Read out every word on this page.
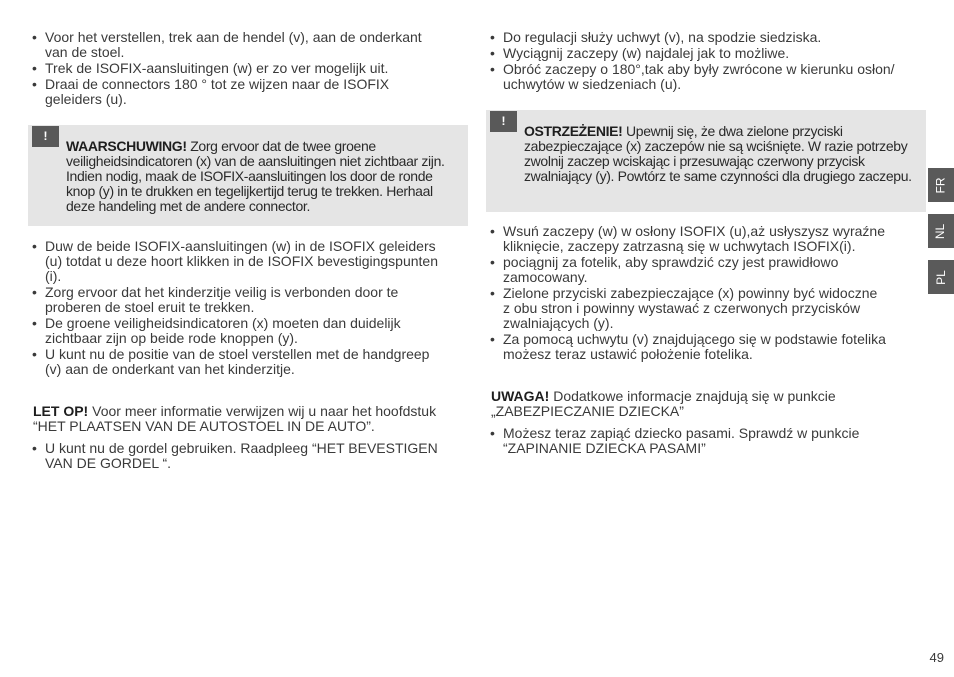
• Voor het verstellen, trek aan de hendel (v), aan de onderkant
van de stoel.
• Trek de ISOFIX-aansluitingen (w) er zo ver mogelijk uit.
• Draai de connectors 180 ° tot ze wijzen naar de ISOFIX
geleiders (u).
!
WAARSCHUWING! Zorg ervoor dat de twee groene veiligheidsindicatoren (x) van de aansluitingen niet zichtbaar zijn. Indien nodig, maak de ISOFIX-aansluitingen los door de ronde knop (y) in te drukken en tegelijkertijd terug te trekken. Herhaal deze handeling met de andere connector.
• Duw de beide ISOFIX-aansluitingen (w) in de ISOFIX geleiders
(u) totdat u deze hoort klikken in de ISOFIX bevestigingspunten
(i).
• Zorg ervoor dat het kinderzitje veilig is verbonden door te
proberen de stoel eruit te trekken.
• De groene veiligheidsindicatoren (x) moeten dan duidelijk
zichtbaar zijn op beide rode knoppen (y).
• U kunt nu de positie van de stoel verstellen met de handgreep
(v) aan de onderkant van het kinderzitje.
LET OP! Voor meer informatie verwijzen wij u naar het hoofdstuk
“HET PLAATSEN VAN DE AUTOSTOEL IN DE AUTO”.
• U kunt nu de gordel gebruiken. Raadpleeg “HET BEVESTIGEN
VAN DE GORDEL “.
• Do regulacji służy uchwyt (v), na spodzie siedziska.
• Wyciągnij zaczepy (w) najdalej jak to możliwe.
• Obróć zaczepy o 180°,tak aby były zwrócone w kierunku osłon/
uchwytów w siedzeniach (u).
!
OSTRZEŻENIE! Upewnij się, że dwa zielone przyciski zabezpieczające (x) zaczepów nie są wciśnięte. W razie potrzeby zwolnij zaczep wciskając i przesuwając czerwony przycisk zwalniający (y). Powtórz te same czynności dla drugiego zaczepu.
• Wsuń zaczepy (w) w osłony ISOFIX (u),aż usłyszysz wyraźne
kliknięcie, zaczepy zatrzasną się w uchwytach ISOFIX(i).
• pociągnij za fotelik, aby sprawdzić czy jest prawidłowo
zamocowany.
• Zielone przyciski zabezpieczające (x) powinny być widoczne
z obu stron i powinny wystawać z czerwonych przycisków
zwalniających (y).
• Za pomocą uchwytu (v) znajdującego się w podstawie fotelika
możesz teraz ustawić położenie fotelika.
UWAGA! Dodatkowe informacje znajdują się w punkcie
„ZABEZPIECZANIE DZIECKA”
• Możesz teraz zapiąć dziecko pasami. Sprawdź w punkcie
“ZAPINANIE DZIECKA PASAMI”
FR
NL
PL
49
